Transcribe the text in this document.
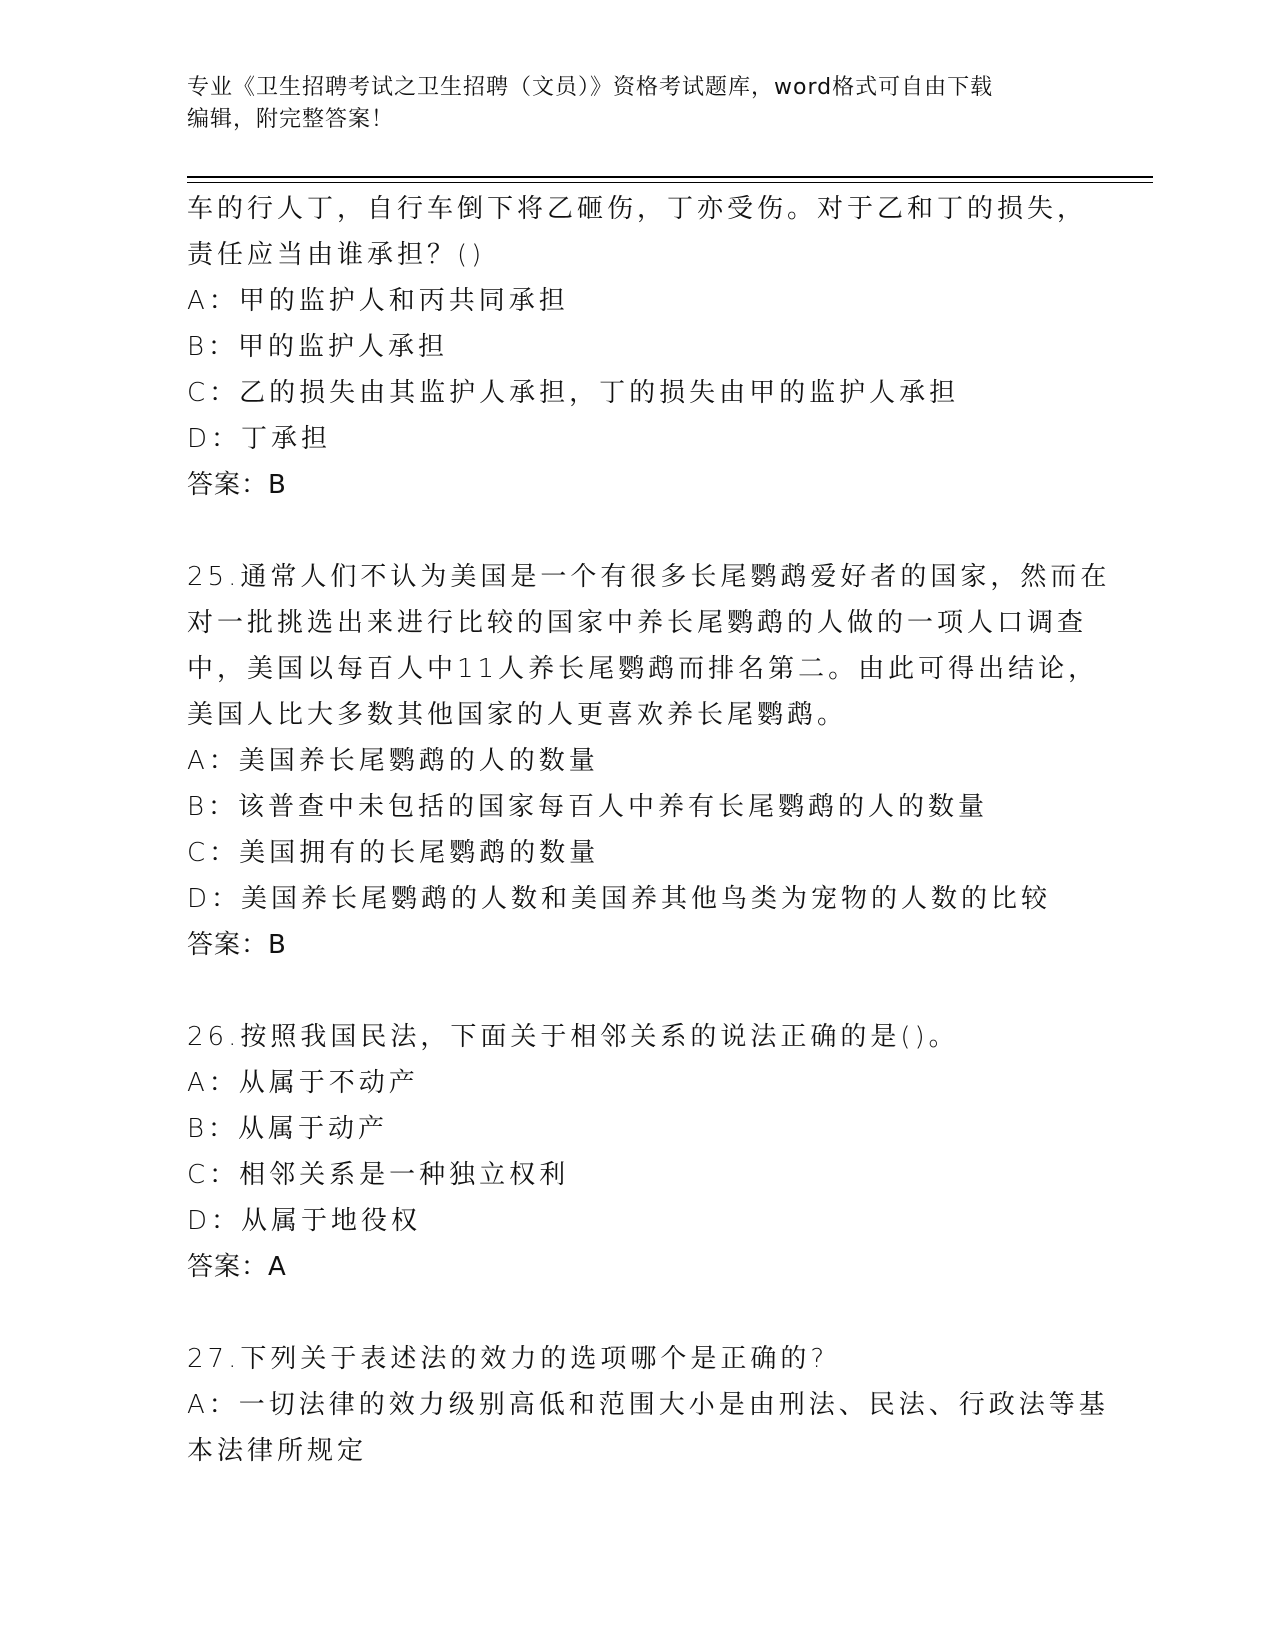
专业《卫生招聘考试之卫生招聘（文员）》资格考试题库，word格式可自由下载
编辑，附完整答案！
车的行人丁，自行车倒下将乙砸伤，丁亦受伤。对于乙和丁的损失，
责任应当由谁承担？()
A：甲的监护人和丙共同承担
B：甲的监护人承担
C：乙的损失由其监护人承担，丁的损失由甲的监护人承担
D：丁承担
答案：B
25.通常人们不认为美国是一个有很多长尾鹦鹉爱好者的国家，然而在
对一批挑选出来进行比较的国家中养长尾鹦鹉的人做的一项人口调查
中，美国以每百人中11人养长尾鹦鹉而排名第二。由此可得出结论，
美国人比大多数其他国家的人更喜欢养长尾鹦鹉。
A：美国养长尾鹦鹉的人的数量
B：该普查中未包括的国家每百人中养有长尾鹦鹉的人的数量
C：美国拥有的长尾鹦鹉的数量
D：美国养长尾鹦鹉的人数和美国养其他鸟类为宠物的人数的比较
答案：B
26.按照我国民法，下面关于相邻关系的说法正确的是()。
A：从属于不动产
B：从属于动产
C：相邻关系是一种独立权利
D：从属于地役权
答案：A
27.下列关于表述法的效力的选项哪个是正确的?
A：一切法律的效力级别高低和范围大小是由刑法、民法、行政法等基
本法律所规定
